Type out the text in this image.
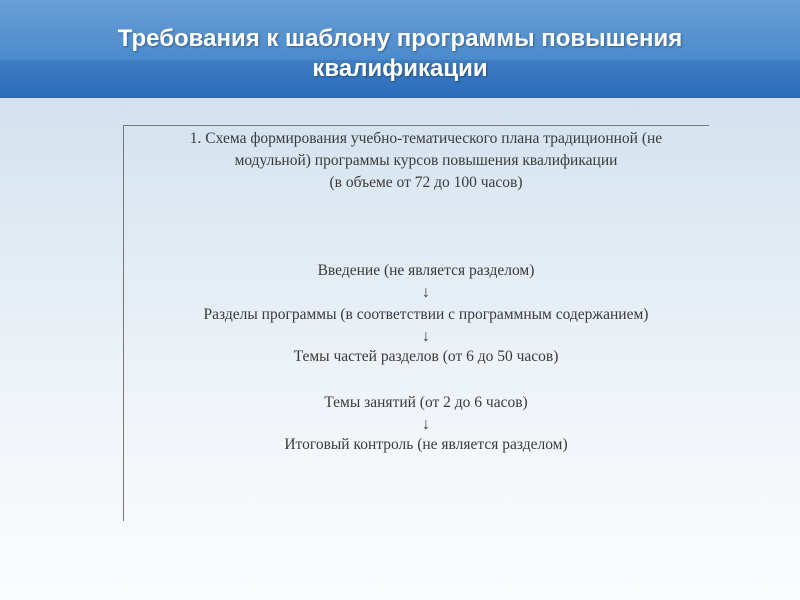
Требования к шаблону программы повышения
квалификации
1. Схема формирования учебно-тематического плана традиционной (не
модульной) программы курсов повышения квалификации
(в объеме от 72 до 100 часов)
Введение (не является разделом)
↓
Разделы программы (в соответствии с программным содержанием)
↓
Темы частей разделов (от 6 до 50 часов)
Темы занятий (от 2 до 6 часов)
↓
Итоговый контроль (не является разделом)
